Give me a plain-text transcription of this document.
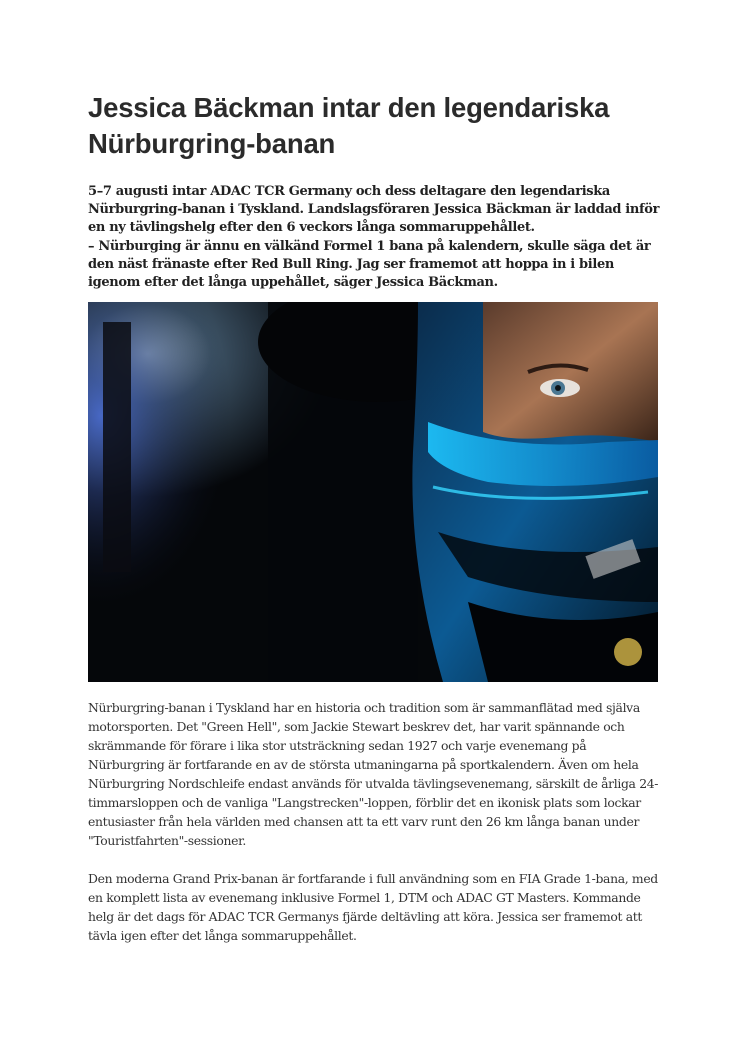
Jessica Bäckman intar den legendariska
Nürburgring-banan

5–7 augusti intar ADAC TCR Germany och dess deltagare den legendariska Nürburgring-banan i Tyskland. Landslagsföraren Jessica Bäckman är laddad inför en ny tävlingshelg efter den 6 veckors långa sommaruppehållet.

– Nürburging är ännu en välkänd Formel 1 bana på kalendern, skulle säga det är den näst fränaste efter Red Bull Ring. Jag ser framemot att hoppa in i bilen igenom efter det långa uppehållet, säger Jessica Bäckman.

Nürburgring-banan i Tyskland har en historia och tradition som är sammanflätad med själva motorsporten. Det "Green Hell", som Jackie Stewart beskrev det, har varit spännande och skrämmande för förare i lika stor utsträckning sedan 1927 och varje evenemang på Nürburgring är fortfarande en av de största utmaningarna på sportkalendern. Även om hela Nürburgring Nordschleife endast används för utvalda tävlingsevenemang, särskilt de årliga 24-timmarsloppen och de vanliga "Langstrecken"-loppen, förblir det en ikonisk plats som lockar entusiaster från hela världen med chansen att ta ett varv runt den 26 km långa banan under "Touristfahrten"-sessioner.

Den moderna Grand Prix-banan är fortfarande i full användning som en FIA Grade 1-bana, med en komplett lista av evenemang inklusive Formel 1, DTM och ADAC GT Masters. Kommande helg är det dags för ADAC TCR Germanys fjärde deltävling att köra. Jessica ser framemot att tävla igen efter det långa sommaruppehållet.
